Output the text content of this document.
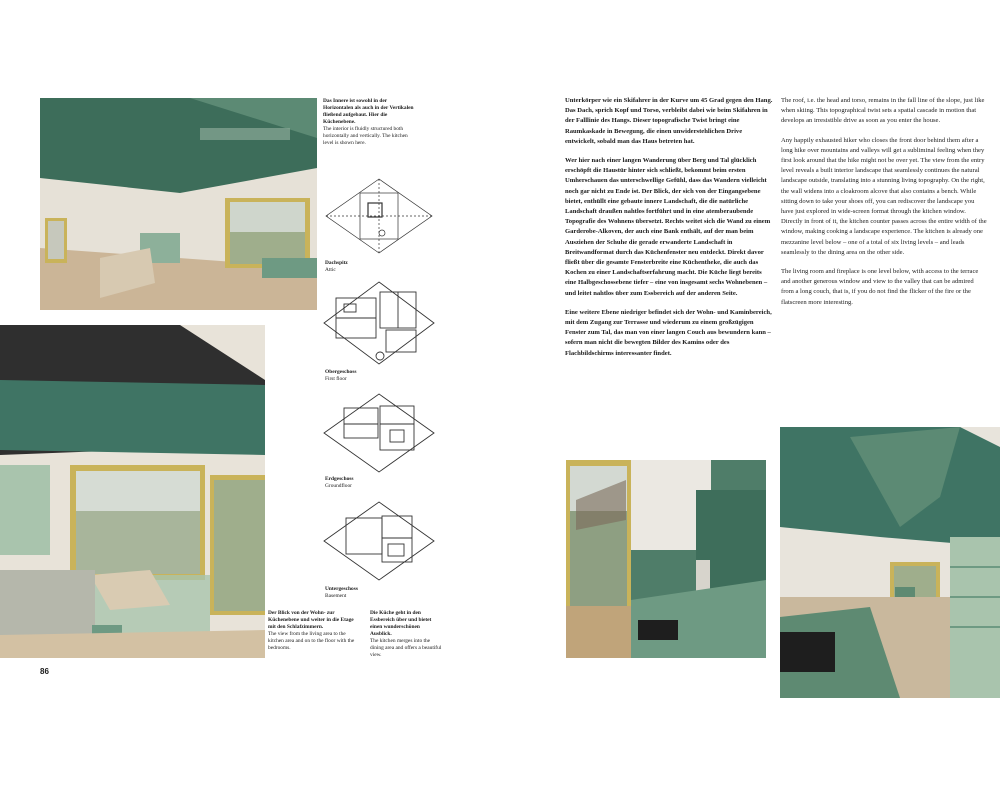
Das Innere ist sowohl in der Horizontalen als auch in der Vertikalen fließend aufgebaut. Hier die Küchenebene.
The interior is fluidly structured both horizontally and vertically. The kitchen level is shown here.
Dachspitz
Attic
Obergeschoss
First floor
Erdgeschoss
Groundfloor
Untergeschoss
Basement
Der Blick von der Wohn- zur Küchenebene und weiter in die Etage mit den Schlafzimmern.
The view from the living area to the kitchen area and on to the floor with the bedrooms.
Die Küche geht in den Essbereich über und bietet einen wunderschönen Ausblick.
The kitchen merges into the dining area and offers a beautiful view.
86

Unterkörper wie ein Skifahrer in der Kurve um 45 Grad gegen den Hang. Das Dach, sprich Kopf und Torso, verbleibt dabei wie beim Skifahren in der Falllinie des Hangs. Dieser topografische Twist bringt eine Raumkaskade in Bewegung, die einen unwiderstehlichen Drive entwickelt, sobald man das Haus betreten hat.

Wer hier nach einer langen Wanderung über Berg und Tal glücklich erschöpft die Haustür hinter sich schließt, bekommt beim ersten Umherschauen das unterschwellige Gefühl, dass das Wandern vielleicht noch gar nicht zu Ende ist. Der Blick, der sich von der Eingangsebene bietet, enthüllt eine gebaute innere Landschaft, die die natürliche Landschaft draußen nahtlos fortführt und in eine atemberaubende Topografie des Wohnens übersetzt. Rechts weitet sich die Wand zu einem Garderobe-Alkoven, der auch eine Bank enthält, auf der man beim Ausziehen der Schuhe die gerade erwanderte Landschaft in Breitwandformat durch das Küchenfenster neu entdeckt. Direkt davor fließt über die gesamte Fensterbreite eine Küchentheke, die auch das Kochen zu einer Landschaftserfahrung macht. Die Küche liegt bereits eine Halbgeschossebene tiefer – eine von insgesamt sechs Wohnebenen – und leitet nahtlos über zum Essbereich auf der anderen Seite.

Eine weitere Ebene niedriger befindet sich der Wohn- und Kaminbereich, mit dem Zugang zur Terrasse und wiederum zu einem großzügigen Fenster zum Tal, das man von einer langen Couch aus bewundern kann – sofern man nicht die bewegten Bilder des Kamins oder des Flachbildschirms interessanter findet.

The roof, i.e. the head and torso, remains in the fall line of the slope, just like when skiing. This topographical twist sets a spatial cascade in motion that develops an irresistible drive as soon as you enter the house.

Any happily exhausted hiker who closes the front door behind them after a long hike over mountains and valleys will get a subliminal feeling when they first look around that the hike might not be over yet. The view from the entry level reveals a built interior landscape that seamlessly continues the natural landscape outside, translating into a stunning living topography. On the right, the wall widens into a cloakroom alcove that also contains a bench. While sitting down to take your shoes off, you can rediscover the landscape you have just explored in wide-screen format through the kitchen window. Directly in front of it, the kitchen counter passes across the entire width of the window, making cooking a landscape experience. The kitchen is already one mezzanine level below – one of a total of six living levels – and leads seamlessly to the dining area on the other side.

The living room and fireplace is one level below, with access to the terrace and another generous window and view to the valley that can be admired from a long couch, that is, if you do not find the flicker of the fire or the flatscreen more interesting.
